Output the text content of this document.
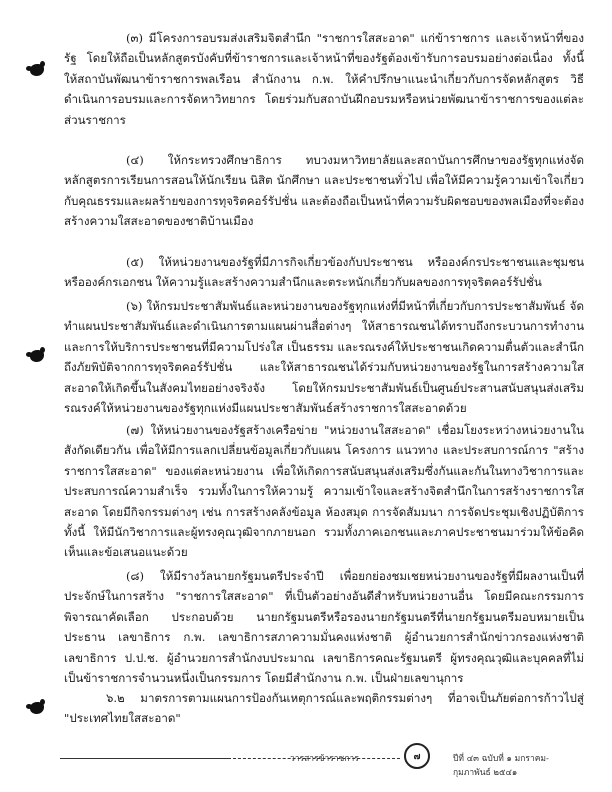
(๓) มีโครงการอบรมส่งเสริมจิตสำนึก "ราชการใสสะอาด" แก่ข้าราชการ และเจ้าหน้าที่ของรัฐ โดยให้ถือเป็นหลักสูตรบังคับที่ข้าราชการและเจ้าหน้าที่ของรัฐต้องเข้ารับการอบรมอย่างต่อเนื่อง ทั้งนี้ให้สถาบันพัฒนาข้าราชการพลเรือน สำนักงาน ก.พ. ให้คำปรึกษาแนะนำเกี่ยวกับการจัดหลักสูตร วิธีดำเนินการอบรมและการจัดหาวิทยากร โดยร่วมกับสถาบันฝึกอบรมหรือหน่วยพัฒนาข้าราชการของแต่ละส่วนราชการ

(๔) ให้กระทรวงศึกษาธิการ ทบวงมหาวิทยาลัยและสถาบันการศึกษาของรัฐทุกแห่งจัดหลักสูตรการเรียนการสอนให้นักเรียน นิสิต นักศึกษา และประชาชนทั่วไป เพื่อให้มีความรู้ความเข้าใจเกี่ยวกับคุณธรรมและผลร้ายของการทุจริตคอร์รัปชั่น และต้องถือเป็นหน้าที่ความรับผิดชอบของพลเมืองที่จะต้องสร้างความใสสะอาดของชาติบ้านเมือง

(๕) ให้หน่วยงานของรัฐที่มีภารกิจเกี่ยวข้องกับประชาชน หรือองค์กรประชาชนและชุมชน หรือองค์กรเอกชน ให้ความรู้และสร้างความสำนึกและตระหนักเกี่ยวกับผลของการทุจริตคอร์รัปชั่น

(๖) ให้กรมประชาสัมพันธ์และหน่วยงานของรัฐทุกแห่งที่มีหน้าที่เกี่ยวกับการประชาสัมพันธ์ จัดทำแผนประชาสัมพันธ์และดำเนินการตามแผนผ่านสื่อต่างๆ ให้สาธารณชนได้ทราบถึงกระบวนการทำงานและการให้บริการประชาชนที่มีความโปร่งใส เป็นธรรม และรณรงค์ให้ประชาชนเกิดความตื่นตัวและสำนึกถึงภัยพิบัติจากการทุจริตคอร์รัปชั่น และให้สาธารณชนได้ร่วมกับหน่วยงานของรัฐในการสร้างความใสสะอาดให้เกิดขึ้นในสังคมไทยอย่างจริงจัง โดยให้กรมประชาสัมพันธ์เป็นศูนย์ประสานสนับสนุนส่งเสริมรณรงค์ให้หน่วยงานของรัฐทุกแห่งมีแผนประชาสัมพันธ์สร้างราชการใสสะอาดด้วย

(๗) ให้หน่วยงานของรัฐสร้างเครือข่าย "หน่วยงานใสสะอาด" เชื่อมโยงระหว่างหน่วยงานในสังกัดเดียวกัน เพื่อให้มีการแลกเปลี่ยนข้อมูลเกี่ยวกับแผน โครงการ แนวทาง และประสบการณ์การ "สร้างราชการใสสะอาด" ของแต่ละหน่วยงาน เพื่อให้เกิดการสนับสนุนส่งเสริมซึ่งกันและกันในทางวิชาการและประสบการณ์ความสำเร็จ รวมทั้งในการให้ความรู้ ความเข้าใจและสร้างจิตสำนึกในการสร้างราชการใสสะอาด โดยมีกิจกรรมต่างๆ เช่น การสร้างคลังข้อมูล ห้องสมุด การจัดสัมมนา การจัดประชุมเชิงปฏิบัติการ ทั้งนี้ ให้มีนักวิชาการและผู้ทรงคุณวุฒิจากภายนอก รวมทั้งภาคเอกชนและภาคประชาชนมาร่วมให้ข้อคิดเห็นและข้อเสนอแนะด้วย

(๘) ให้มีรางวัลนายกรัฐมนตรีประจำปี เพื่อยกย่องชมเชยหน่วยงานของรัฐที่มีผลงานเป็นที่ประจักษ์ในการสร้าง "ราชการใสสะอาด" ที่เป็นตัวอย่างอันดีสำหรับหน่วยงานอื่น โดยมีคณะกรรมการพิจารณาคัดเลือก ประกอบด้วย นายกรัฐมนตรีหรือรองนายกรัฐมนตรีที่นายกรัฐมนตรีมอบหมายเป็นประธาน เลขาธิการ ก.พ. เลขาธิการสภาความมั่นคงแห่งชาติ ผู้อำนวยการสำนักข่าวกรองแห่งชาติ เลขาธิการ ป.ป.ช. ผู้อำนวยการสำนักงบประมาณ เลขาธิการคณะรัฐมนตรี ผู้ทรงคุณวุฒิและบุคคลที่ไม่เป็นข้าราชการจำนวนหนึ่งเป็นกรรมการ โดยมีสำนักงาน ก.พ. เป็นฝ่ายเลขานุการ

๖.๒ มาตรการตามแผนการป้องกันเหตุการณ์และพฤติกรรมต่างๆ ที่อาจเป็นภัยต่อการก้าวไปสู่ "ประเทศไทยใสสะอาด"

วารสารข้าราชการ	๗	ปีที่ ๔๓ ฉบับที่ ๑ มกราคม-กุมภาพันธ์ ๒๕๔๑
